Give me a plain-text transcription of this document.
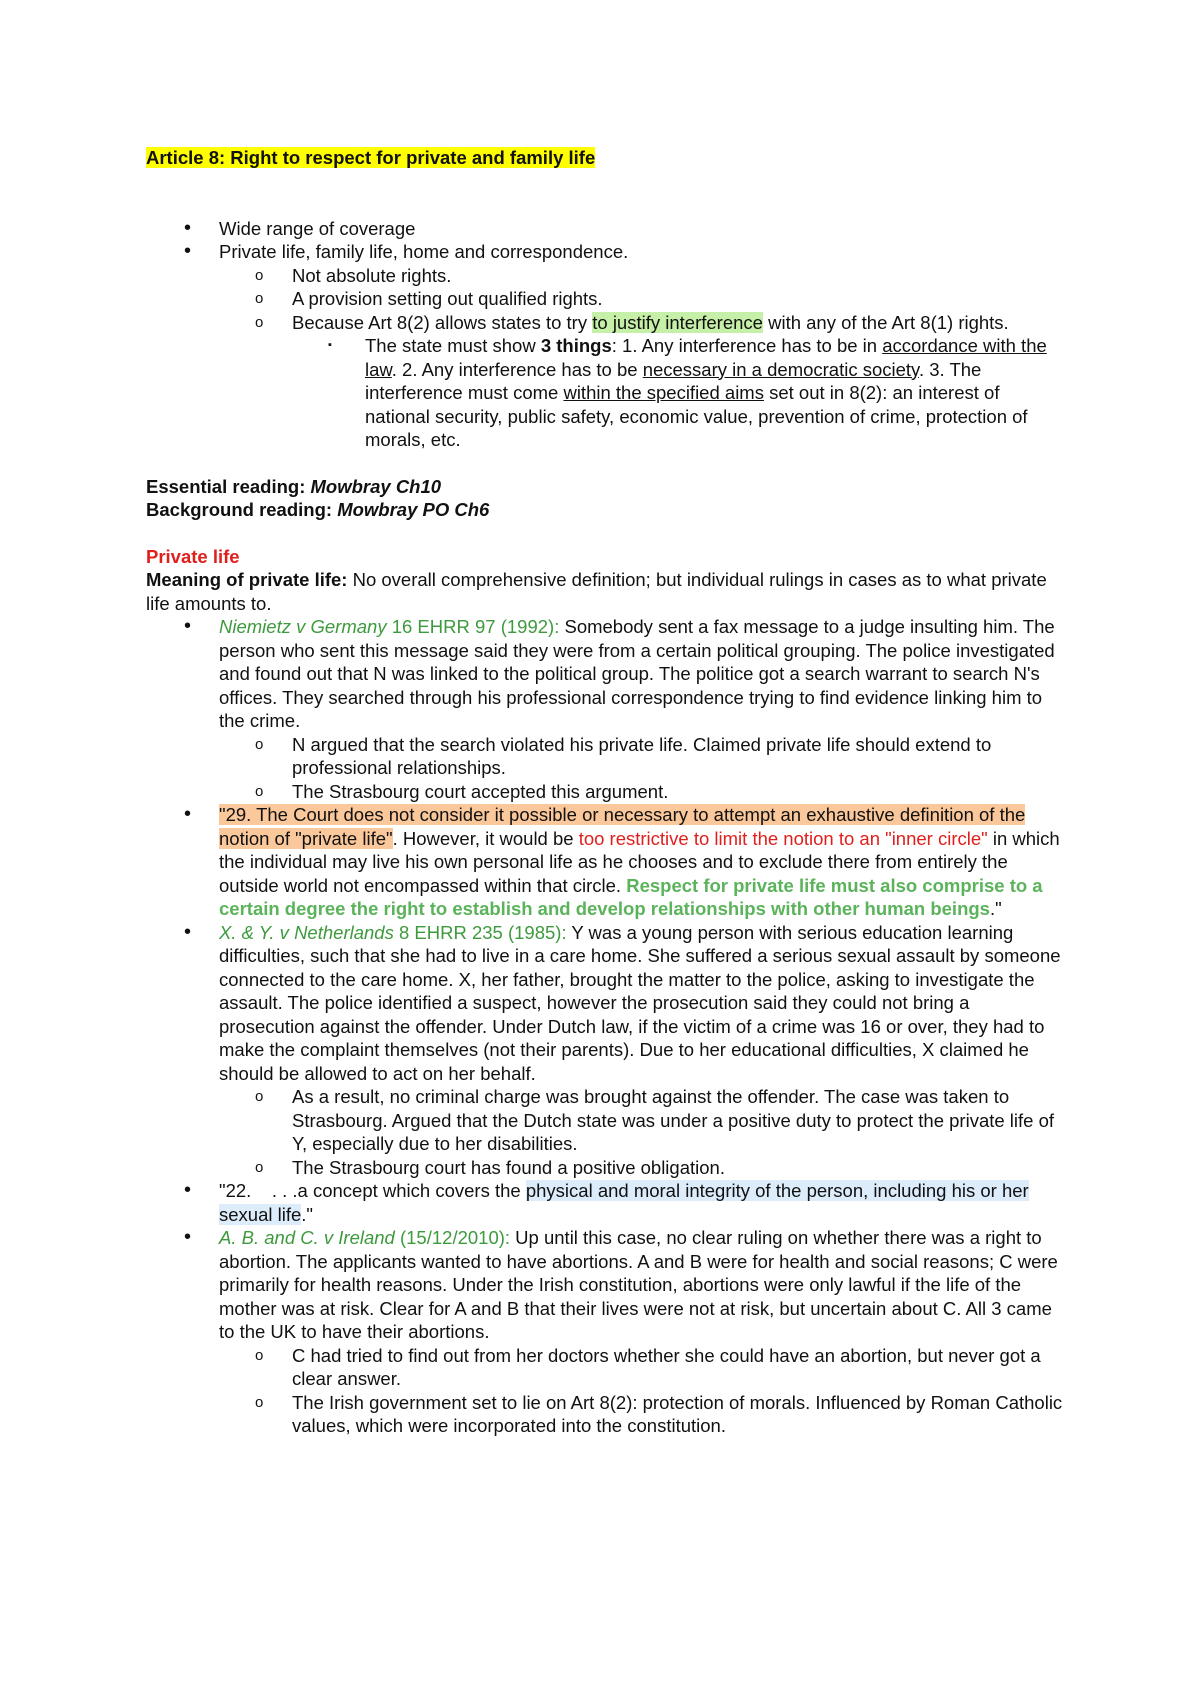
Article 8: Right to respect for private and family life
• Wide range of coverage
• Private life, family life, home and correspondence.
o Not absolute rights.
o A provision setting out qualified rights.
o Because Art 8(2) allows states to try to justify interference with any of the Art 8(1) rights.
▪ The state must show 3 things: 1. Any interference has to be in accordance with the law. 2. Any interference has to be necessary in a democratic society. 3. The interference must come within the specified aims set out in 8(2): an interest of national security, public safety, economic value, prevention of crime, protection of morals, etc.
Essential reading: Mowbray Ch10
Background reading: Mowbray PO Ch6
Private life
Meaning of private life: No overall comprehensive definition; but individual rulings in cases as to what private life amounts to.
• Niemietz v Germany 16 EHRR 97 (1992): Somebody sent a fax message to a judge insulting him. The person who sent this message said they were from a certain political grouping. The police investigated and found out that N was linked to the political group. The politice got a search warrant to search N's offices. They searched through his professional correspondence trying to find evidence linking him to the crime.
o N argued that the search violated his private life. Claimed private life should extend to professional relationships.
o The Strasbourg court accepted this argument.
• "29. The Court does not consider it possible or necessary to attempt an exhaustive definition of the notion of "private life". However, it would be too restrictive to limit the notion to an "inner circle" in which the individual may live his own personal life as he chooses and to exclude there from entirely the outside world not encompassed within that circle. Respect for private life must also comprise to a certain degree the right to establish and develop relationships with other human beings."
• X. & Y. v Netherlands 8 EHRR 235 (1985): Y was a young person with serious education learning difficulties, such that she had to live in a care home. She suffered a serious sexual assault by someone connected to the care home. X, her father, brought the matter to the police, asking to investigate the assault. The police identified a suspect, however the prosecution said they could not bring a prosecution against the offender. Under Dutch law, if the victim of a crime was 16 or over, they had to make the complaint themselves (not their parents). Due to her educational difficulties, X claimed he should be allowed to act on her behalf.
o As a result, no criminal charge was brought against the offender. The case was taken to Strasbourg. Argued that the Dutch state was under a positive duty to protect the private life of Y, especially due to her disabilities.
o The Strasbourg court has found a positive obligation.
• "22.    . . .a concept which covers the physical and moral integrity of the person, including his or her sexual life."
• A. B. and C. v Ireland (15/12/2010): Up until this case, no clear ruling on whether there was a right to abortion. The applicants wanted to have abortions. A and B were for health and social reasons; C were primarily for health reasons. Under the Irish constitution, abortions were only lawful if the life of the mother was at risk. Clear for A and B that their lives were not at risk, but uncertain about C. All 3 came to the UK to have their abortions.
o C had tried to find out from her doctors whether she could have an abortion, but never got a clear answer.
o The Irish government set to lie on Art 8(2): protection of morals. Influenced by Roman Catholic values, which were incorporated into the constitution.
